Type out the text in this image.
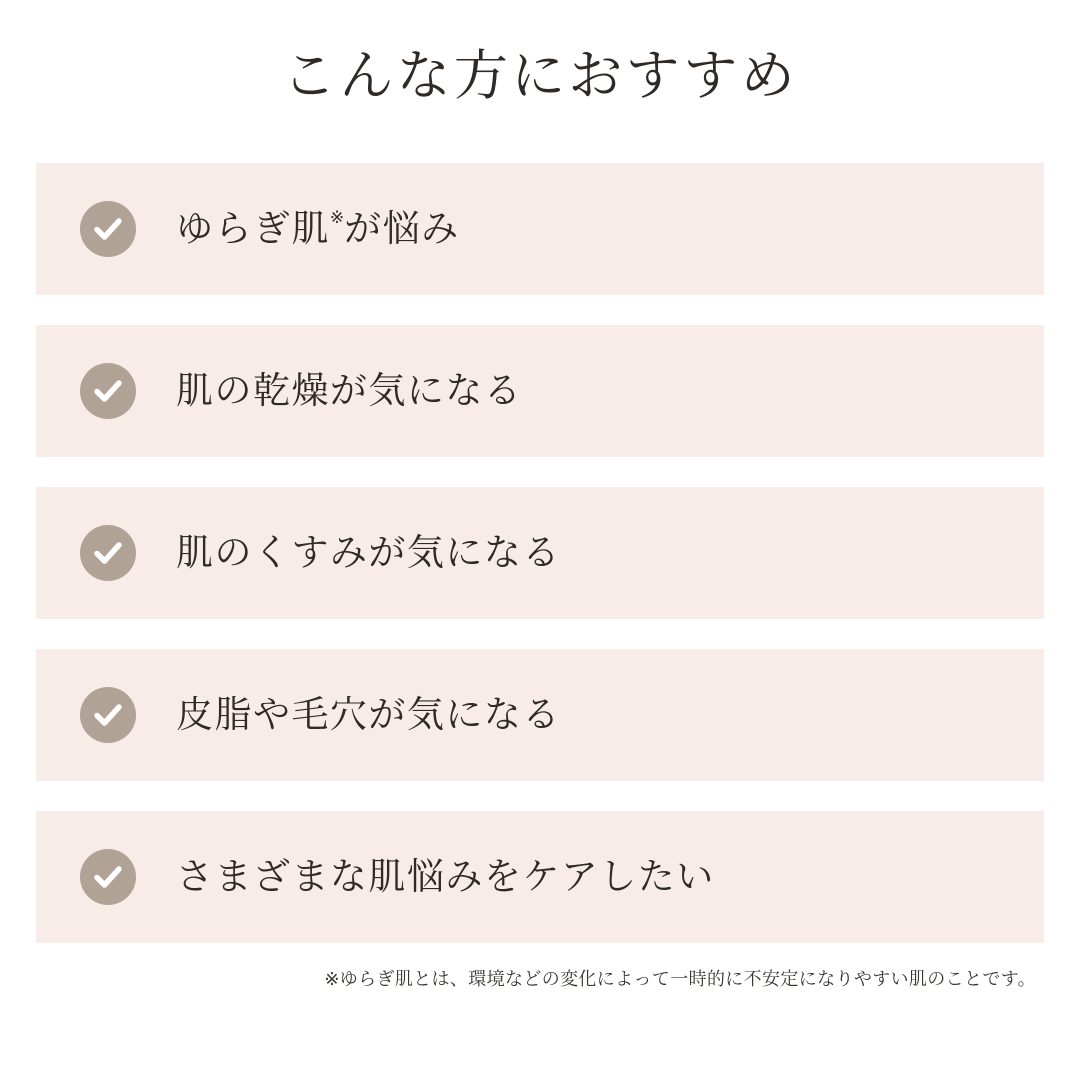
こんな方におすすめ
ゆらぎ肌 ※ が悩み
肌の乾燥が気になる
肌のくすみが気になる
皮脂や毛穴が気になる
さまざまな肌悩みをケアしたい
※ゆらぎ肌とは、環境などの変化によって一時的に不安定になりやすい肌のことです。
